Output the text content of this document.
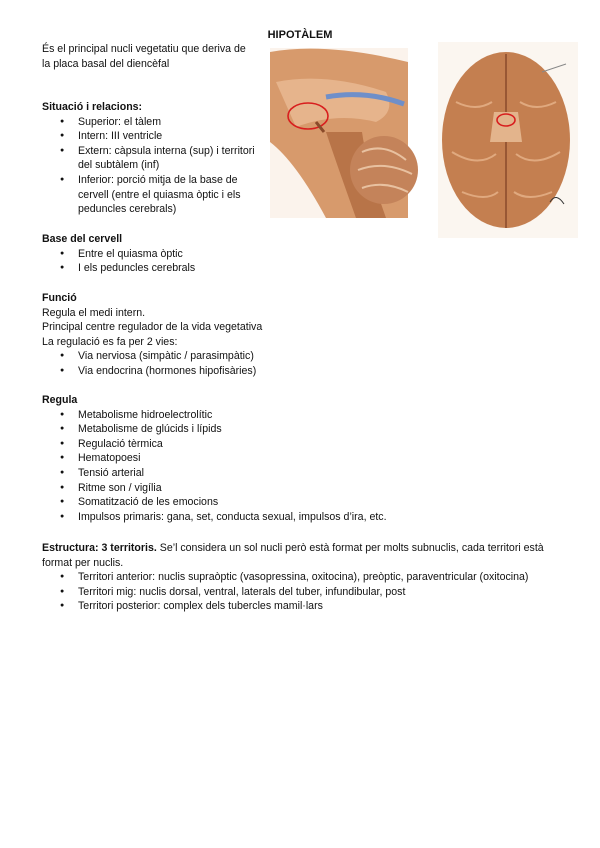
HIPOTÀLEM
És el principal nucli vegetatiu que deriva de
la placa basal del diencèfal
Situació i relacions:
● Superior: el tàlem
● Intern: III ventricle
● Extern: càpsula interna (sup) i territori del subtàlem (inf)
● Inferior: porció mitja de la base de cervell (entre el quiasma òptic i els peduncles cerebrals)
Base del cervell
● Entre el quiasma òptic
● I els peduncles cerebrals
Funció
Regula el medi intern.
Principal centre regulador de la vida vegetativa
La regulació es fa per 2 vies:
● Via nerviosa (simpàtic / parasimpàtic)
● Via endocrina (hormones hipofisàries)
Regula
● Metabolisme hidroelectrolític
● Metabolisme de glúcids i lípids
● Regulació tèrmica
● Hematopoesi
● Tensió arterial
● Ritme son / vigília
● Somatització de les emocions
● Impulsos primaris: gana, set, conducta sexual, impulsos d’ira, etc.
Estructura: 3 territoris. Se’l considera un sol nucli però està format per molts subnuclis, cada territori està format per nuclis.
● Territori anterior: nuclis supraòptic (vasopressina, oxitocina), preòptic, paraventricular (oxitocina)
● Territori mig: nuclis dorsal, ventral, laterals del tuber, infundibular, post
● Territori posterior: complex dels tubercles mamil·lars
